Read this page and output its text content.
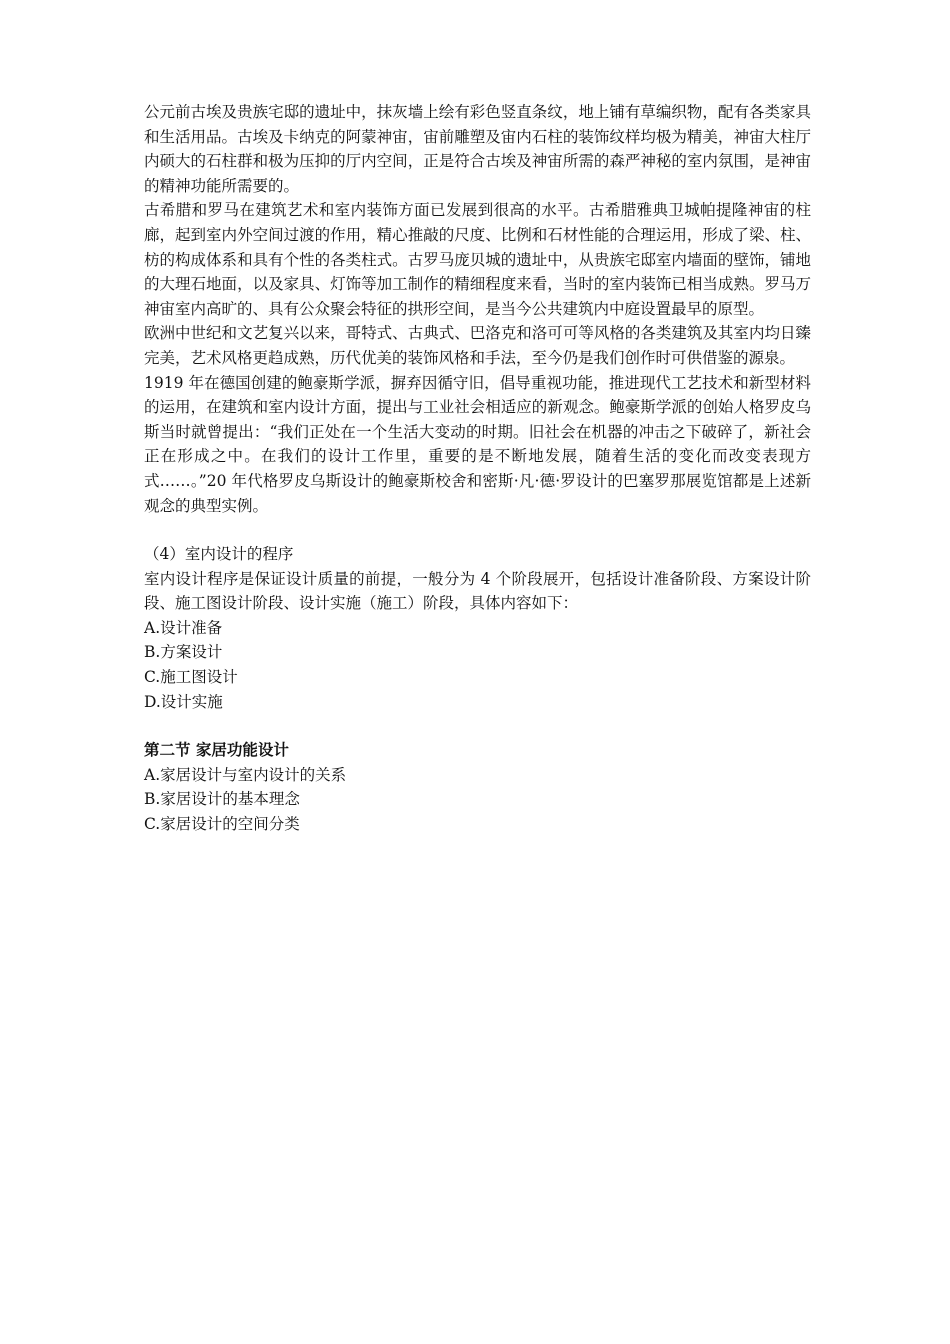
公元前古埃及贵族宅邸的遗址中，抹灰墙上绘有彩色竖直条纹，地上铺有草编织物，配有各类家具和生活用品。古埃及卡纳克的阿蒙神宙，宙前雕塑及宙内石柱的装饰纹样均极为精美，神宙大柱厅内硕大的石柱群和极为压抑的厅内空间，正是符合古埃及神宙所需的森严神秘的室内氛围，是神宙的精神功能所需要的。

古希腊和罗马在建筑艺术和室内装饰方面已发展到很高的水平。古希腊雅典卫城帕提隆神宙的柱廊，起到室内外空间过渡的作用，精心推敲的尺度、比例和石材性能的合理运用，形成了梁、柱、枋的构成体系和具有个性的各类柱式。古罗马庞贝城的遗址中，从贵族宅邸室内墙面的壁饰，铺地的大理石地面，以及家具、灯饰等加工制作的精细程度来看，当时的室内装饰已相当成熟。罗马万神宙室内高旷的、具有公众聚会特征的拱形空间，是当今公共建筑内中庭设置最早的原型。

欧洲中世纪和文艺复兴以来，哥特式、古典式、巴洛克和洛可可等风格的各类建筑及其室内均日臻完美，艺术风格更趋成熟，历代优美的装饰风格和手法，至今仍是我们创作时可供借鉴的源泉。

1919 年在德国创建的鲍豪斯学派，摒弃因循守旧，倡导重视功能，推进现代工艺技术和新型材料的运用，在建筑和室内设计方面，提出与工业社会相适应的新观念。鲍豪斯学派的创始人格罗皮乌斯当时就曾提出：“我们正处在一个生活大变动的时期。旧社会在机器的冲击之下破碎了，新社会正在形成之中。在我们的设计工作里，重要的是不断地发展，随着生活的变化而改变表现方式……。”20 年代格罗皮乌斯设计的鲍豪斯校舍和密斯·凡·德·罗设计的巴塞罗那展览馆都是上述新观念的典型实例。

（4）室内设计的程序

室内设计程序是保证设计质量的前提，一般分为 4 个阶段展开，包括设计准备阶段、方案设计阶段、施工图设计阶段、设计实施（施工）阶段，具体内容如下：

A.设计准备

B.方案设计

C.施工图设计

D.设计实施

第二节 家居功能设计

A.家居设计与室内设计的关系

B.家居设计的基本理念

C.家居设计的空间分类
